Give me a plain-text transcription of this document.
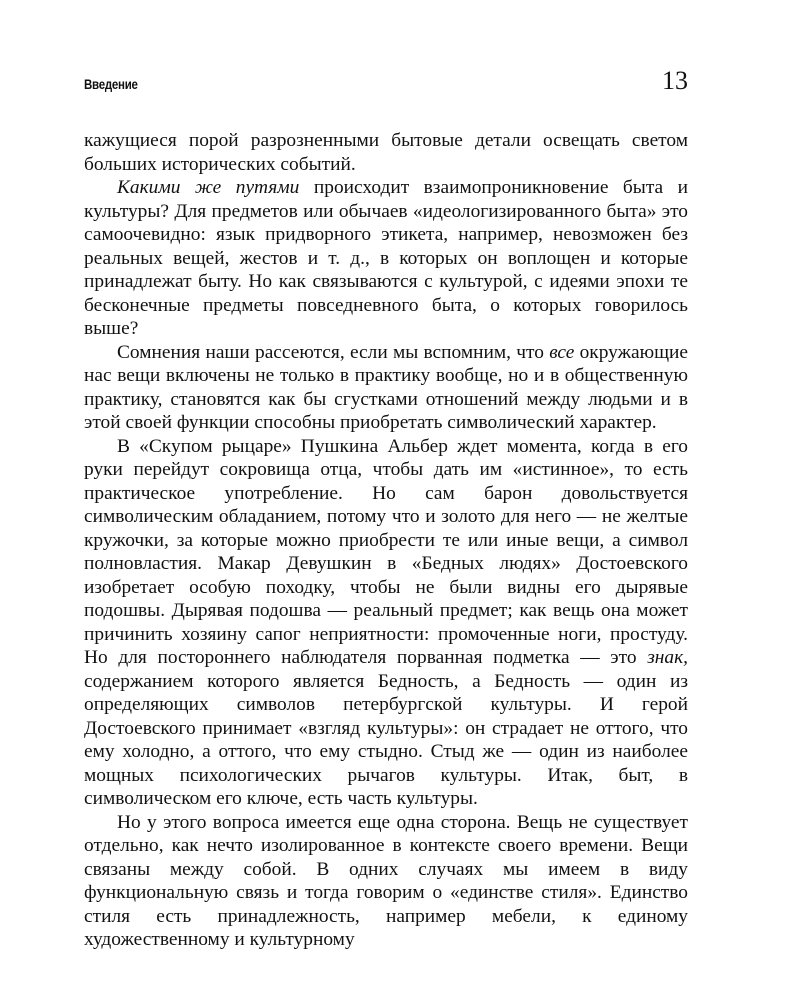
Введение	13

кажущиеся порой разрозненными бытовые детали освещать светом больших исторических событий.

Какими же путями происходит взаимопроникновение быта и культуры? Для предметов или обычаев «идеологизированного быта» это самоочевидно: язык придворного этикета, например, невозможен без реальных вещей, жестов и т. д., в которых он воплощен и которые принадлежат быту. Но как связываются с культурой, с идеями эпохи те бесконечные предметы повседневного быта, о которых говорилось выше?

Сомнения наши рассеются, если мы вспомним, что все окружающие нас вещи включены не только в практику вообще, но и в общественную практику, становятся как бы сгустками отношений между людьми и в этой своей функции способны приобретать символический характер.

В «Скупом рыцаре» Пушкина Альбер ждет момента, когда в его руки перейдут сокровища отца, чтобы дать им «истинное», то есть практическое употребление. Но сам барон довольствуется символическим обладанием, потому что и золото для него — не желтые кружочки, за которые можно приобрести те или иные вещи, а символ полновластия. Макар Девушкин в «Бедных людях» Достоевского изобретает особую походку, чтобы не были видны его дырявые подошвы. Дырявая подошва — реальный предмет; как вещь она может причинить хозяину сапог неприятности: промоченные ноги, простуду. Но для постороннего наблюдателя порванная подметка — это знак, содержанием которого является Бедность, а Бедность — один из определяющих символов петербургской культуры. И герой Достоевского принимает «взгляд культуры»: он страдает не оттого, что ему холодно, а оттого, что ему стыдно. Стыд же — один из наиболее мощных психологических рычагов культуры. Итак, быт, в символическом его ключе, есть часть культуры.

Но у этого вопроса имеется еще одна сторона. Вещь не существует отдельно, как нечто изолированное в контексте своего времени. Вещи связаны между собой. В одних случаях мы имеем в виду функциональную связь и тогда говорим о «единстве стиля». Единство стиля есть принадлежность, например мебели, к единому художественному и культурному
